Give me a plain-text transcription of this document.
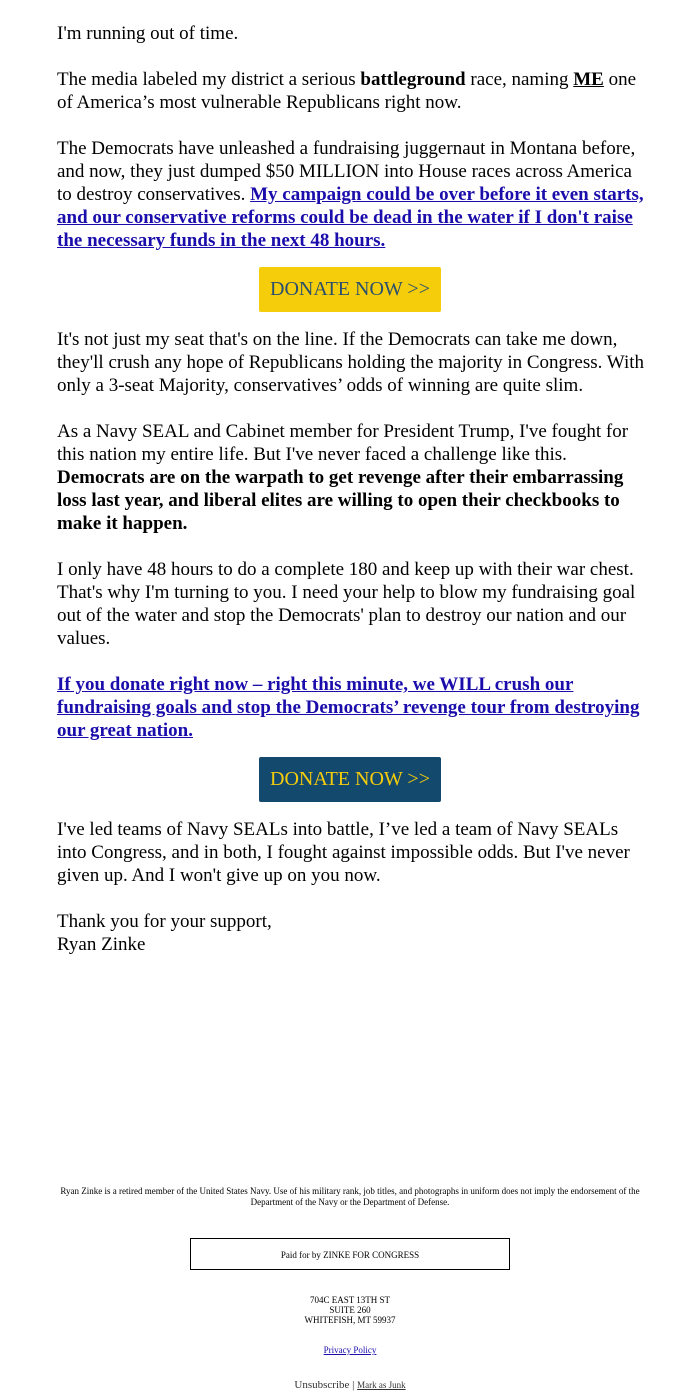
I'm running out of time.

The media labeled my district a serious battleground race, naming ME one of America’s most vulnerable Republicans right now.

The Democrats have unleashed a fundraising juggernaut in Montana before, and now, they just dumped $50 MILLION into House races across America to destroy conservatives. My campaign could be over before it even starts, and our conservative reforms could be dead in the water if I don't raise the necessary funds in the next 48 hours.

DONATE NOW >>

It's not just my seat that's on the line. If the Democrats can take me down, they'll crush any hope of Republicans holding the majority in Congress. With only a 3-seat Majority, conservatives’ odds of winning are quite slim.

As a Navy SEAL and Cabinet member for President Trump, I've fought for this nation my entire life. But I've never faced a challenge like this. Democrats are on the warpath to get revenge after their embarrassing loss last year, and liberal elites are willing to open their checkbooks to make it happen.

I only have 48 hours to do a complete 180 and keep up with their war chest. That's why I'm turning to you. I need your help to blow my fundraising goal out of the water and stop the Democrats' plan to destroy our nation and our values.

If you donate right now – right this minute, we WILL crush our fundraising goals and stop the Democrats’ revenge tour from destroying our great nation.

DONATE NOW >>

I've led teams of Navy SEALs into battle, I’ve led a team of Navy SEALs into Congress, and in both, I fought against impossible odds. But I've never given up. And I won't give up on you now.

Thank you for your support,

Ryan Zinke

Ryan Zinke is a retired member of the United States Navy. Use of his military rank, job titles, and photographs in uniform does not imply the endorsement of the Department of the Navy or the Department of Defense.
Paid for by ZINKE FOR CONGRESS
704C EAST 13TH ST
SUITE 260
WHITEFISH, MT 59937
Privacy Policy
Unsubscribe | Mark as Junk
